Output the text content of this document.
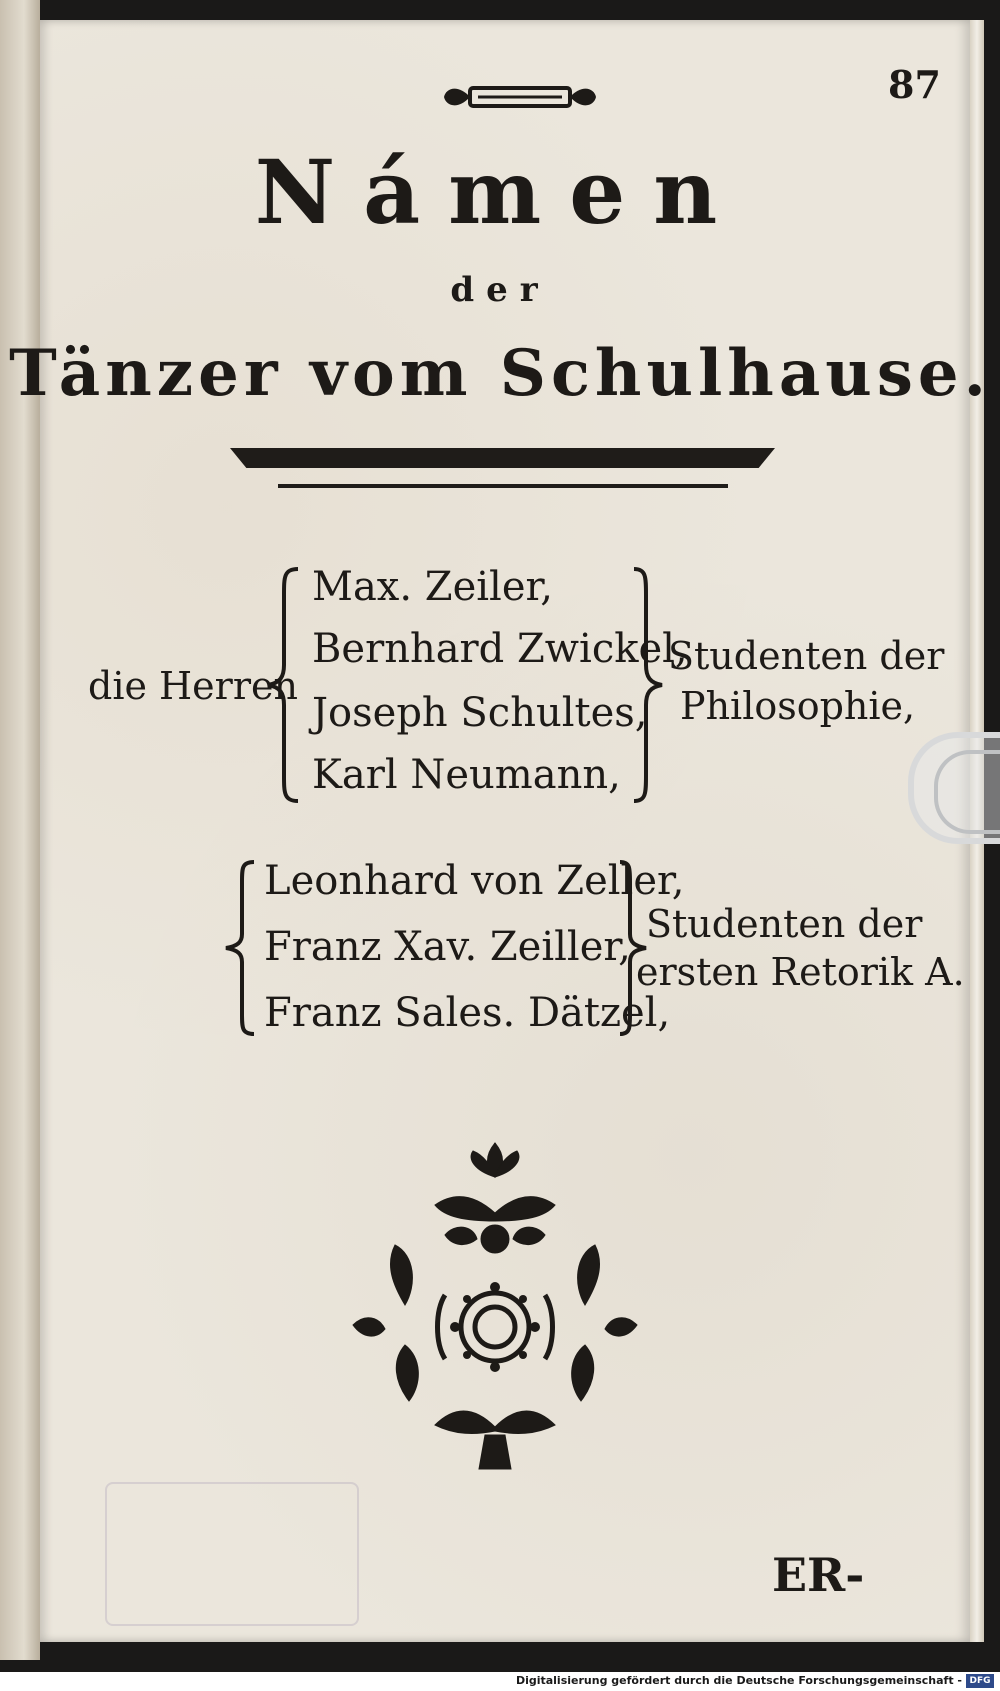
87
Námen
der
Tänzer vom Schulhause.
die Herren
Max. Zeiler,
Bernhard Zwickel,
Joseph Schultes,
Karl Neumann,
Studenten der
Philosophie,
Leonhard von Zeller,
Franz Xav. Zeiller,
Franz Sales. Dätzel,
Studenten der
ersten Retorik A.
ER-
Digitalisierung gefördert durch die Deutsche Forschungsgemeinschaft - DFG
